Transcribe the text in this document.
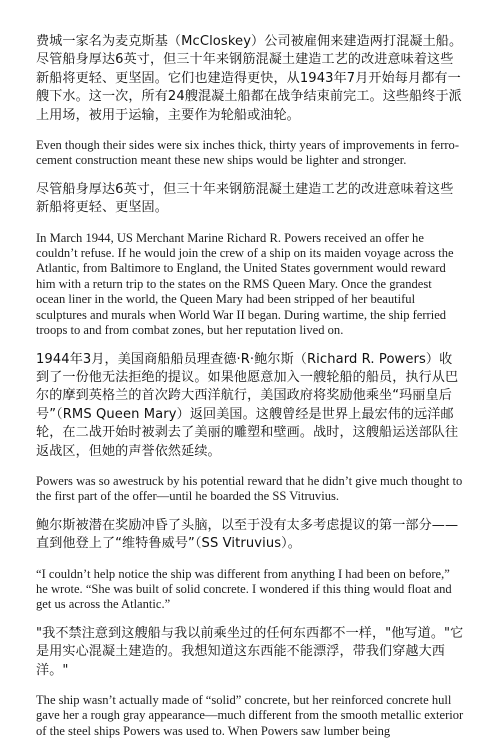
费城一家名为麦克斯基（McCloskey）公司被雇佣来建造两打混凝土船。尽管船身厚达6英寸，但三十年来钢筋混凝土建造工艺的改进意味着这些新船将更轻、更坚固。它们也建造得更快，从1943年7月开始每月都有一艘下水。这一次，所有24艘混凝土船都在战争结束前完工。这些船终于派上用场，被用于运输，主要作为轮船或油轮。

Even though their sides were six inches thick, thirty years of improvements in ferro-cement construction meant these new ships would be lighter and stronger.

尽管船身厚达6英寸，但三十年来钢筋混凝土建造工艺的改进意味着这些新船将更轻、更坚固。

In March 1944, US Merchant Marine Richard R. Powers received an offer he couldn’t refuse. If he would join the crew of a ship on its maiden voyage across the Atlantic, from Baltimore to England, the United States government would reward him with a return trip to the states on the RMS Queen Mary. Once the grandest ocean liner in the world, the Queen Mary had been stripped of her beautiful sculptures and murals when World War II began. During wartime, the ship ferried troops to and from combat zones, but her reputation lived on.

1944年3月，美国商船船员理查德·R·鲍尔斯（Richard R. Powers）收到了一份他无法拒绝的提议。如果他愿意加入一艘轮船的船员，执行从巴尔的摩到英格兰的首次跨大西洋航行，美国政府将奖励他乘坐“玛丽皇后号”（RMS Queen Mary）返回美国。这艘曾经是世界上最宏伟的远洋邮轮，在二战开始时被剥去了美丽的雕塑和壁画。战时，这艘船运送部队往返战区，但她的声誉依然延续。

Powers was so awestruck by his potential reward that he didn’t give much thought to the first part of the offer—until he boarded the SS Vitruvius.

鲍尔斯被潜在奖励冲昏了头脑，以至于没有太多考虑提议的第一部分——直到他登上了“维特鲁威号”（SS Vitruvius）。

“I couldn’t help notice the ship was different from anything I had been on before,” he wrote. “She was built of solid concrete. I wondered if this thing would float and get us across the Atlantic.”

"我不禁注意到这艘船与我以前乘坐过的任何东西都不一样，"他写道。"它是用实心混凝土建造的。我想知道这东西能不能漂浮，带我们穿越大西洋。"

The ship wasn’t actually made of “solid” concrete, but her reinforced concrete hull gave her a rough gray appearance—much different from the smooth metallic exterior of the steel ships Powers was used to. When Powers saw lumber being
